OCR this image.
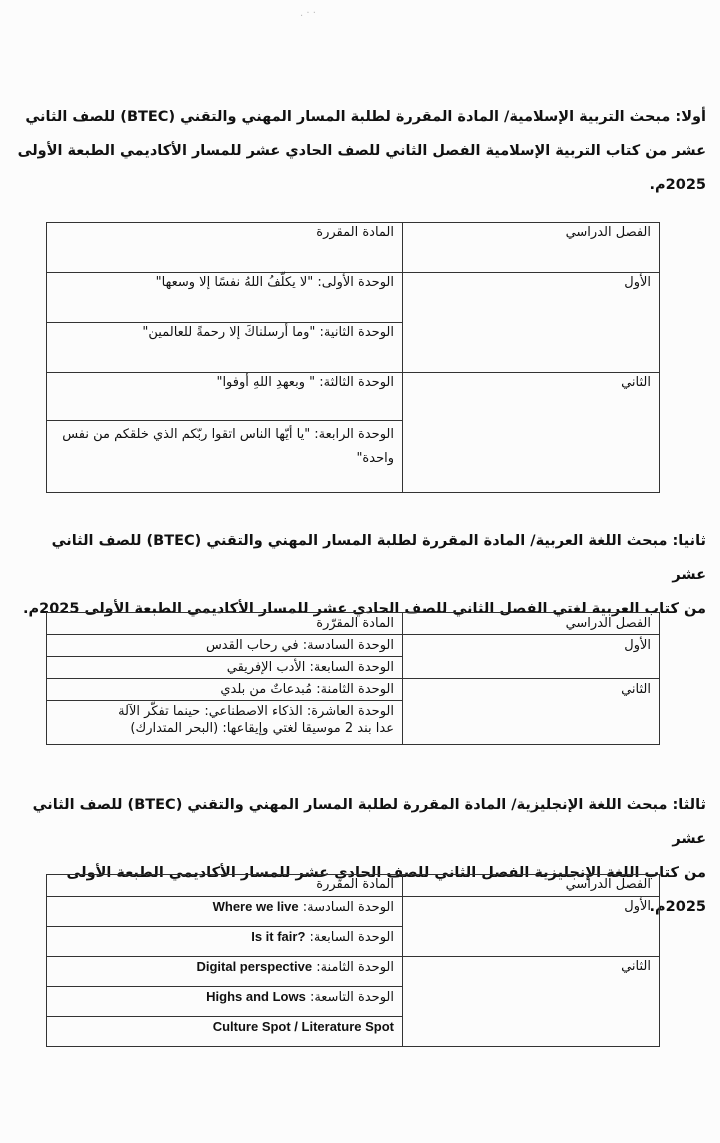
أولا: مبحث التربية الإسلامية/ المادة المقررة لطلبة المسار المهني والتقني (BTEC) للصف الثاني
عشر من كتاب التربية الإسلامية الفصل الثاني للصف الحادي عشر للمسار الأكاديمي الطبعة الأولى
2025م.
الفصل الدراسي	المادة المقررة
الأول	الوحدة الأولى: "لا يكلّفُ اللهُ نفسًا إلا وسعها"
	الوحدة الثانية: "وما أرسلناكَ إلا رحمةً للعالمين"
الثاني	الوحدة الثالثة: " وبعهدِ اللهِ أوفوا"

	الوحدة الرابعة: "يا أيّها الناس اتقوا ربّكم الذي خلقكم من نفس
واحدة"
ثانيا: مبحث اللغة العربية/ المادة المقررة لطلبة المسار المهني والتقني (BTEC) للصف الثاني عشر
من كتاب العربية لغتي الفصل الثاني للصف الحادي عشر للمسار الأكاديمي الطبعة الأولى 2025م.
الفصل الدراسي	المادة المقرّرة
الأول	الوحدة السادسة: في رحاب القدس
	الوحدة السابعة: الأدب الإفريقي
الثاني	الوحدة الثامنة: مُبدعاتٌ من بلدي

	الوحدة العاشرة: الذكاء الاصطناعي: حينما تفكّر الآلة
عدا بند 2 موسيقا لغتي وإيقاعها: (البحر المتدارك)
ثالثا: مبحث اللغة الإنجليزية/ المادة المقررة لطلبة المسار المهني والتقني (BTEC) للصف الثاني عشر
من كتاب اللغة الإنجليزية الفصل الثاني للصف الحادي عشر للمسار الأكاديمي الطبعة الأولى 2025م.
الفصل الدراسي	المادة المقررة
الأول	الوحدة السادسة: Where we live
	الوحدة السابعة: Is it fair?
الثاني	الوحدة الثامنة: Digital perspective
	الوحدة التاسعة: Highs and Lows
	Culture Spot / Literature Spot
. · ·
